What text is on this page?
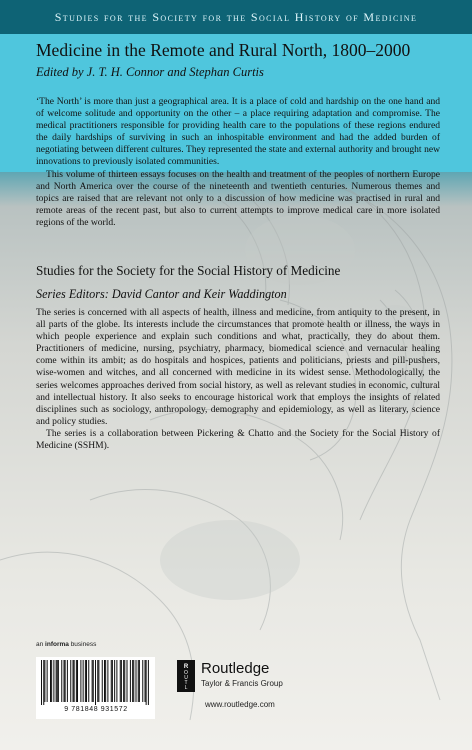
Studies for the Society for the Social History of Medicine
Medicine in the Remote and Rural North, 1800–2000
Edited by J. T. H. Connor and Stephan Curtis

‘The North’ is more than just a geographical area. It is a place of cold and hardship on the one hand and of welcome solitude and opportunity on the other – a place requiring adaptation and compromise. The medical practitioners responsible for providing health care to the populations of these regions endured the daily hardships of surviving in such an inhospitable environment and had the added burden of negotiating between different cultures. They represented the state and external authority and brought new innovations to previously isolated communities.

This volume of thirteen essays focuses on the health and treatment of the peoples of northern Europe and North America over the course of the nineteenth and twentieth centuries. Numerous themes and topics are raised that are relevant not only to a discussion of how medicine was practised in rural and remote areas of the recent past, but also to current attempts to improve medical care in more isolated regions of the world.

Studies for the Society for the Social History of Medicine
Series Editors: David Cantor and Keir Waddington

The series is concerned with all aspects of health, illness and medicine, from antiquity to the present, in all parts of the globe. Its interests include the circumstances that promote health or illness, the ways in which people experience and explain such conditions and what, practically, they do about them. Practitioners of medicine, nursing, psychiatry, pharmacy, biomedical science and vernacular healing come within its ambit; as do hospitals and hospices, patients and politicians, priests and pill-pushers, wise-women and witches, and all concerned with medicine in its widest sense. Methodologically, the series welcomes approaches derived from social history, as well as relevant studies in economic, cultural and intellectual history. It also seeks to encourage historical work that employs the insights of related disciplines such as sociology, anthropology, demography and epidemiology, as well as literary, science and policy studies.

The series is a collaboration between Pickering & Chatto and the Society for the Social History of Medicine (SSHM).

an informa business
9 781848 931572
R
O
U
T
L
Routledge
Taylor & Francis Group
www.routledge.com
